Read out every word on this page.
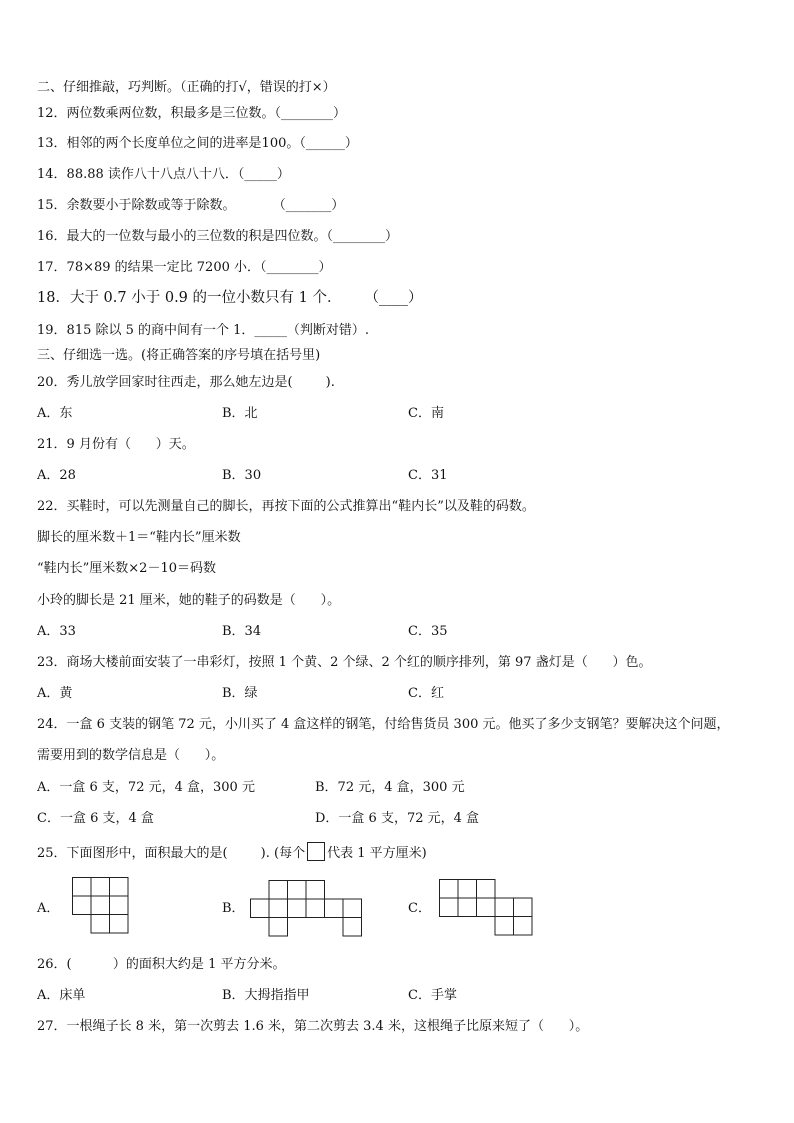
二、仔细推敲，巧判断。（正确的打√，错误的打×）
12．两位数乘两位数，积最多是三位数。（________）
13．相邻的两个长度单位之间的进率是100。（______）
14．88.88 读作八十八点八十八．（_____）
15．余数要小于除数或等于除数。         （_______）
16．最大的一位数与最小的三位数的积是四位数。（________）
17．78×89 的结果一定比 7200 小．（________）
18．大于 0.7 小于 0.9 的一位小数只有 1 个．     （____）
19．815 除以 5 的商中间有一个 1．_____（判断对错）.
三、仔细选一选。(将正确答案的序号填在括号里)
20．秀儿放学回家时往西走，那么她左边是(        ).
A．东	B．北	C．南
21．9 月份有（      ）天。
A．28	B．30	C．31
22．买鞋时，可以先测量自己的脚长，再按下面的公式推算出“鞋内长”以及鞋的码数。
脚长的厘米数＋1＝“鞋内长”厘米数
“鞋内长”厘米数×2－10＝码数
小玲的脚长是 21 厘米，她的鞋子的码数是（      ）。
A．33	B．34	C．35
23．商场大楼前面安装了一串彩灯，按照 1 个黄、2 个绿、2 个红的顺序排列，第 97 盏灯是（      ）色。
A．黄	B．绿	C．红
24．一盒 6 支装的钢笔 72 元，小川买了 4 盒这样的钢笔，付给售货员 300 元。他买了多少支钢笔？要解决这个问题，
需要用到的数学信息是（      ）。
A．一盒 6 支，72 元，4 盒，300 元	B．72 元，4 盒，300 元
C．一盒 6 支，4 盒	D．一盒 6 支，72 元，4 盒
25．下面图形中，面积最大的是(        ). (每个 代表 1 平方厘米)
A．	B．	C．
26．(          ）的面积大约是 1 平方分米。
A．床单	B．大拇指指甲	C．手掌
27．一根绳子长 8 米，第一次剪去 1.6 米，第二次剪去 3.4 米，这根绳子比原来短了（      ）。
